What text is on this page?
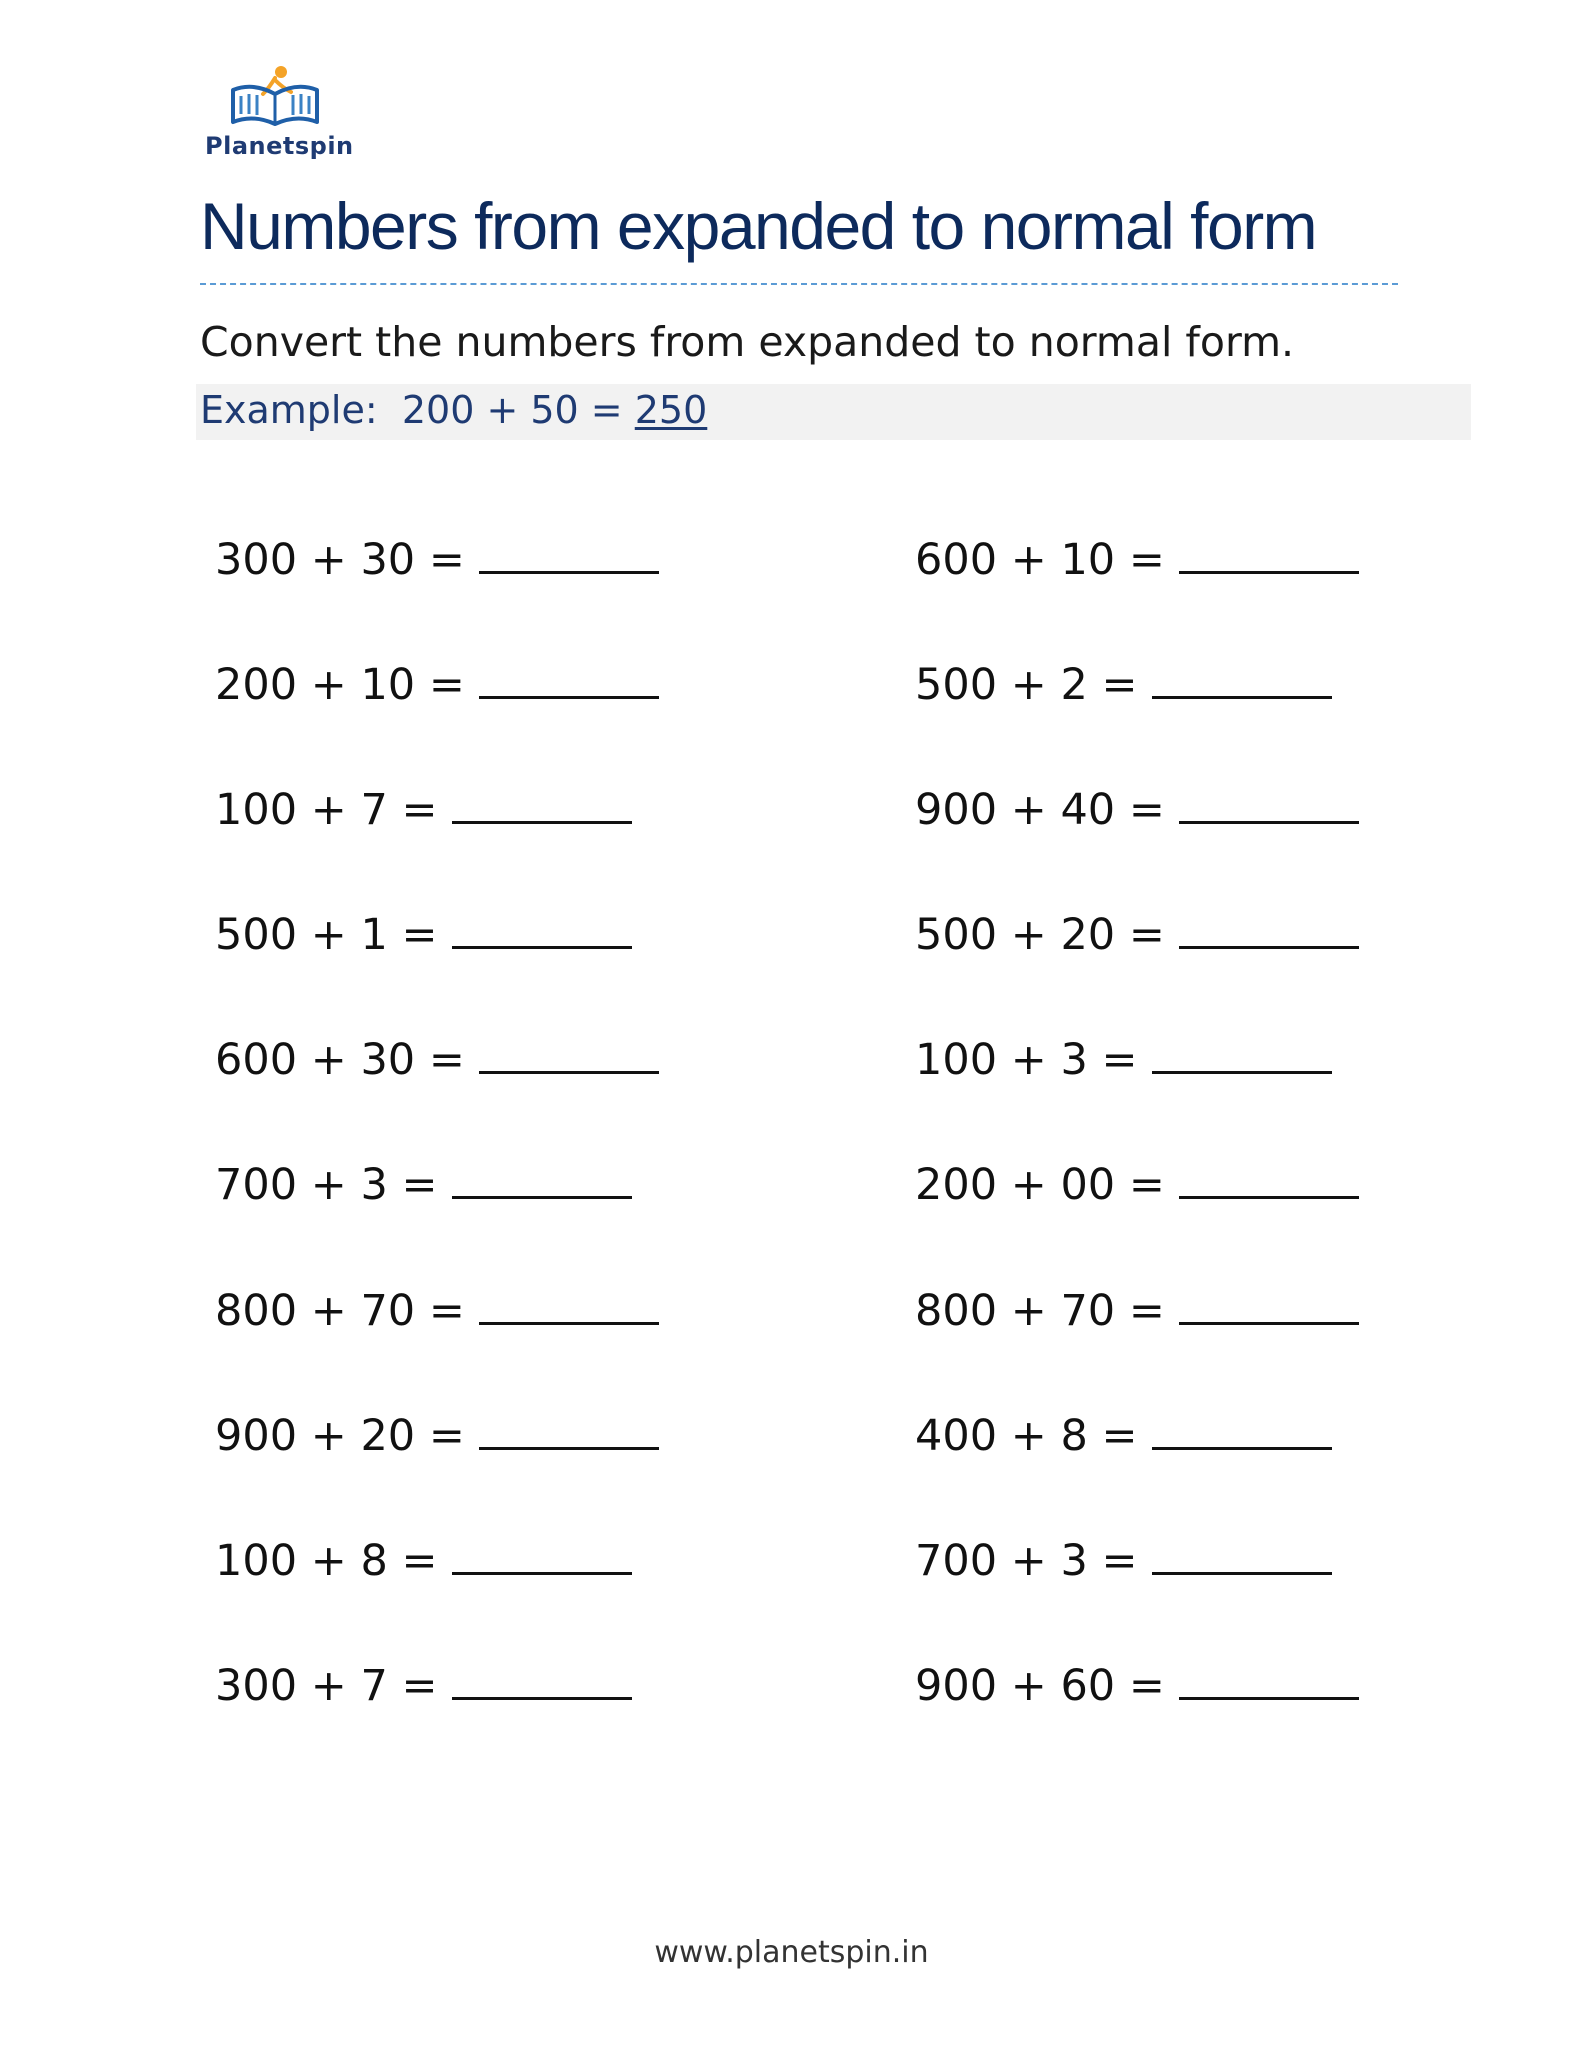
Planetspin
Numbers from expanded to normal form
Convert the numbers from expanded to normal form.
Example: 200 + 50 = 250
300 + 30 =
200 + 10 =
100 + 7 =
500 + 1 =
600 + 30 =
700 + 3 =
800 + 70 =
900 + 20 =
100 + 8 =
300 + 7 =
600 + 10 =
500 + 2 =
900 + 40 =
500 + 20 =
100 + 3 =
200 + 00 =
800 + 70 =
400 + 8 =
700 + 3 =
900 + 60 =
www.planetspin.in
